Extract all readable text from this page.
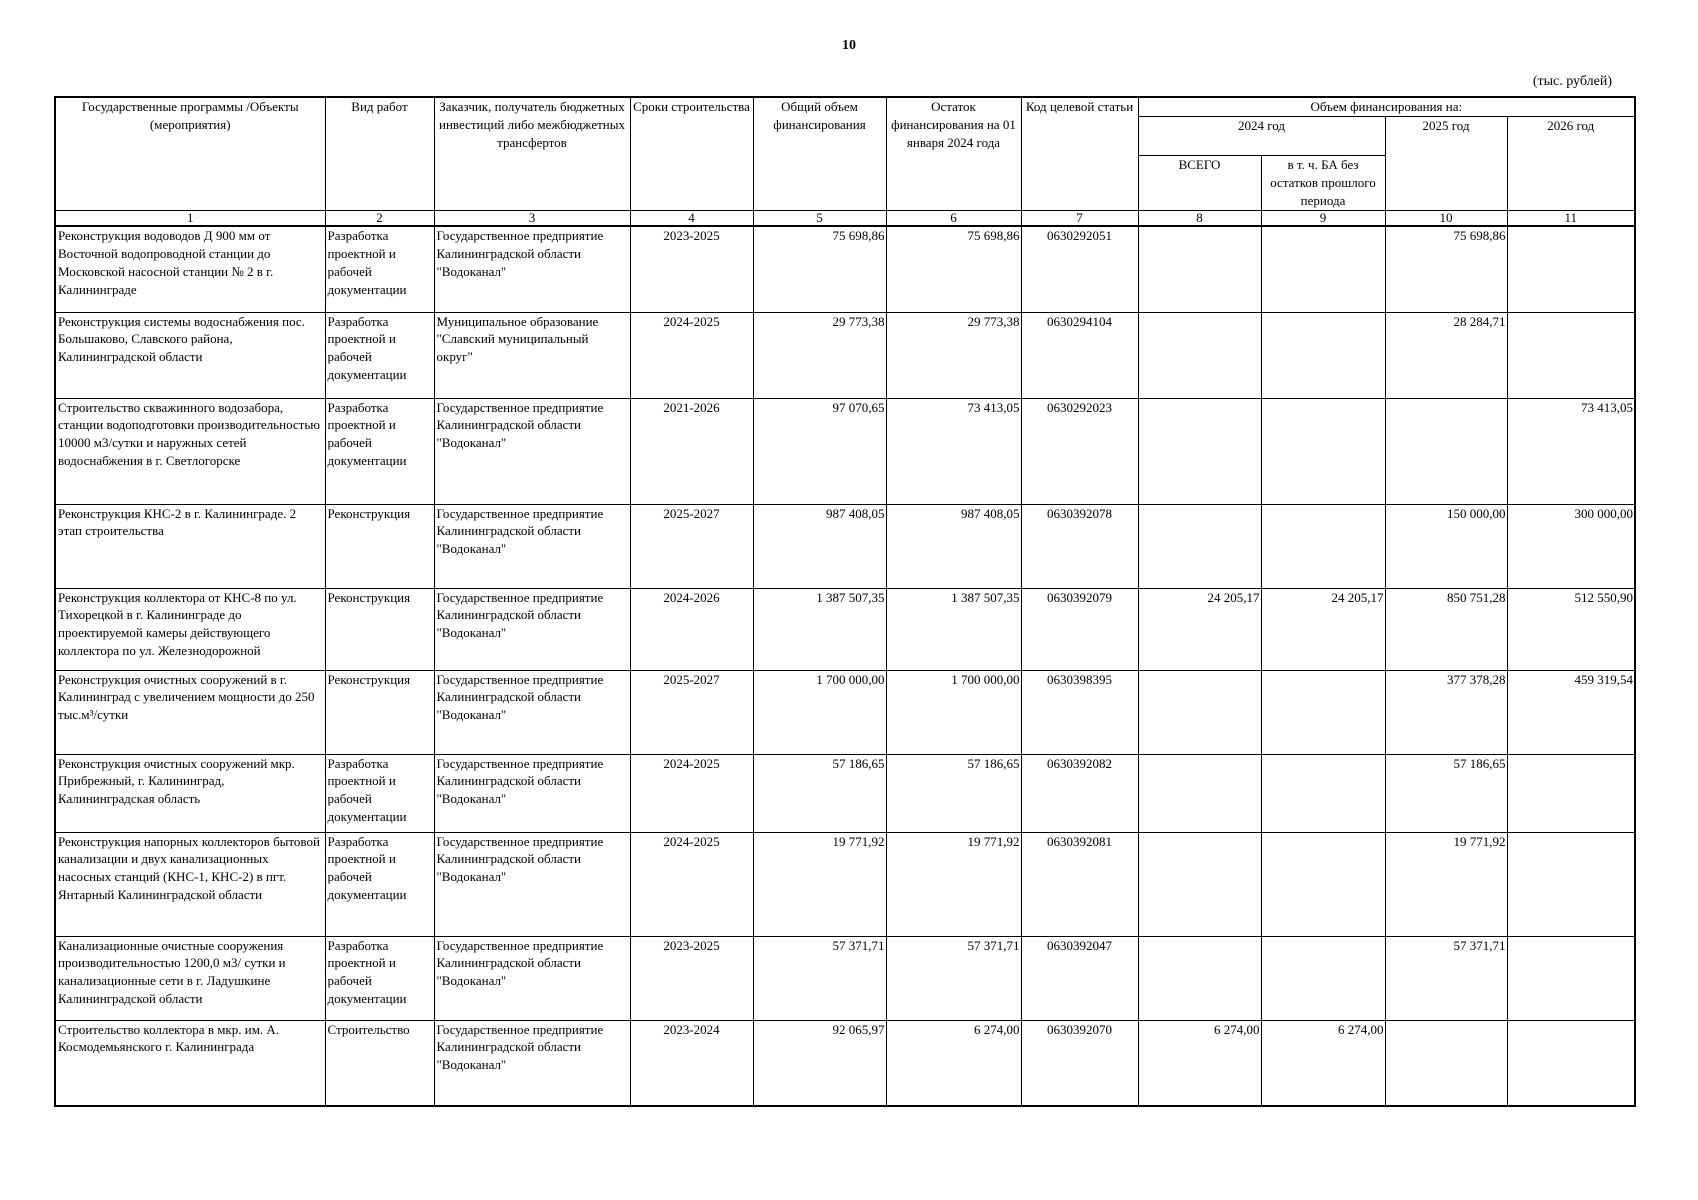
10
(тыс. рублей)
Государственные программы /Объекты (мероприятия)	Вид работ	Заказчик, получатель бюджетных инвестиций либо межбюджетных трансфертов	Сроки строительства	Общий объем финансирования	Остаток финансирования на 01 января 2024 года	Код целевой статьи	Объем финансирования на:			
							2024 год		2025 год	2026 год
							ВСЕГО	в т. ч. БА без остатков прошлого периода		
1	2	3	4	5	6	7	8	9	10	11
Реконструкция водоводов Д 900 мм от Восточной водопроводной станции до Московской насосной станции № 2 в г. Калининграде	Разработка проектной и рабочей документации	Государственное предприятие Калининградской области "Водоканал"	2023-2025	75 698,86	75 698,86	0630292051			75 698,86	
Реконструкция системы водоснабжения пос. Большаково, Славского района, Калининградской области	Разработка проектной и рабочей документации	Муниципальное образование "Славский муниципальный округ"	2024-2025	29 773,38	29 773,38	0630294104			28 284,71	
Строительство скважинного водозабора, станции водоподготовки производительностью 10000 м3/сутки и наружных сетей водоснабжения в г. Светлогорске	Разработка проектной и рабочей документации	Государственное предприятие Калининградской области "Водоканал"	2021-2026	97 070,65	73 413,05	0630292023				73 413,05
Реконструкция КНС-2 в г. Калининграде. 2 этап строительства	Реконструкция	Государственное предприятие Калининградской области "Водоканал"	2025-2027	987 408,05	987 408,05	0630392078			150 000,00	300 000,00
Реконструкция коллектора от КНС-8 по ул. Тихорецкой в г. Калининграде до проектируемой камеры действующего коллектора по ул. Железнодорожной	Реконструкция	Государственное предприятие Калининградской области "Водоканал"	2024-2026	1 387 507,35	1 387 507,35	0630392079	24 205,17	24 205,17	850 751,28	512 550,90
Реконструкция очистных сооружений в г. Калининград с увеличением мощности до 250 тыс.м³/сутки	Реконструкция	Государственное предприятие Калининградской области "Водоканал"	2025-2027	1 700 000,00	1 700 000,00	0630398395			377 378,28	459 319,54
Реконструкция очистных сооружений мкр. Прибрежный, г. Калининград, Калининградская область	Разработка проектной и рабочей документации	Государственное предприятие Калининградской области "Водоканал"	2024-2025	57 186,65	57 186,65	0630392082			57 186,65	
Реконструкция напорных коллекторов бытовой канализации и двух канализационных насосных станций (КНС-1, КНС-2) в пгт. Янтарный Калининградской области	Разработка проектной и рабочей документации	Государственное предприятие Калининградской области "Водоканал"	2024-2025	19 771,92	19 771,92	0630392081			19 771,92	
Канализационные очистные сооружения производительностью 1200,0 м3/ сутки и канализационные сети в г. Ладушкине Калининградской области	Разработка проектной и рабочей документации	Государственное предприятие Калининградской области "Водоканал"	2023-2025	57 371,71	57 371,71	0630392047			57 371,71	
Строительство коллектора в мкр. им. А. Космодемьянского г. Калининграда	Строительство	Государственное предприятие Калининградской области "Водоканал"	2023-2024	92 065,97	6 274,00	0630392070	6 274,00	6 274,00		
